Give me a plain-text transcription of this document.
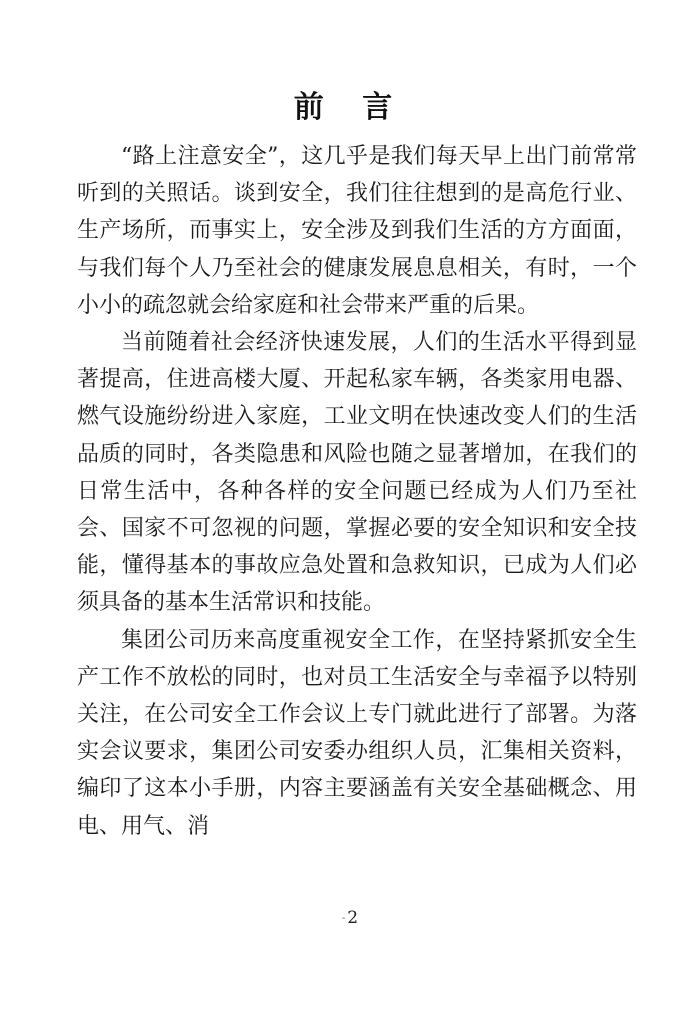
前 言

“路上注意安全”，这几乎是我们每天早上出门前常常听到的关照话。谈到安全，我们往往想到的是高危行业、生产场所，而事实上，安全涉及到我们生活的方方面面，与我们每个人乃至社会的健康发展息息相关，有时，一个小小的疏忽就会给家庭和社会带来严重的后果。

当前随着社会经济快速发展，人们的生活水平得到显著提高，住进高楼大厦、开起私家车辆，各类家用电器、燃气设施纷纷进入家庭，工业文明在快速改变人们的生活品质的同时，各类隐患和风险也随之显著增加，在我们的日常生活中，各种各样的安全问题已经成为人们乃至社会、国家不可忽视的问题，掌握必要的安全知识和安全技能，懂得基本的事故应急处置和急救知识，已成为人们必须具备的基本生活常识和技能。

集团公司历来高度重视安全工作，在坚持紧抓安全生产工作不放松的同时，也对员工生活安全与幸福予以特别关注，在公司安全工作会议上专门就此进行了部署。为落实会议要求，集团公司安委办组织人员，汇集相关资料，编印了这本小手册，内容主要涵盖有关安全基础概念、用电、用气、消

- 2
